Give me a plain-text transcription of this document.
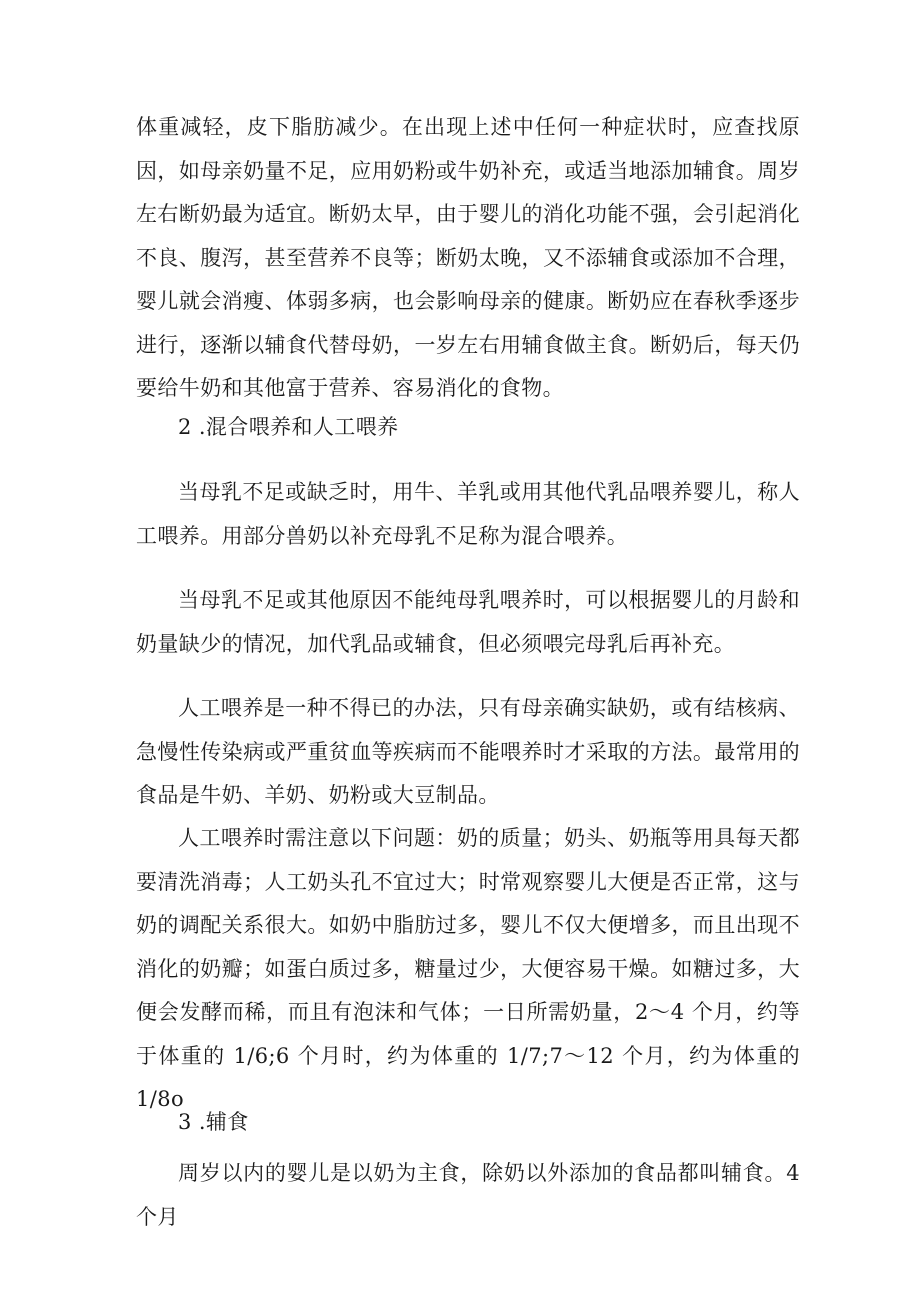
体重减轻，皮下脂肪减少。在出现上述中任何一种症状时，应查找原因，如母亲奶量不足，应用奶粉或牛奶补充，或适当地添加辅食。周岁左右断奶最为适宜。断奶太早，由于婴儿的消化功能不强，会引起消化不良、腹泻，甚至营养不良等；断奶太晚，又不添辅食或添加不合理，婴儿就会消瘦、体弱多病，也会影响母亲的健康。断奶应在春秋季逐步进行，逐渐以辅食代替母奶，一岁左右用辅食做主食。断奶后，每天仍要给牛奶和其他富于营养、容易消化的食物。

2 .混合喂养和人工喂养

当母乳不足或缺乏时，用牛、羊乳或用其他代乳品喂养婴儿，称人工喂养。用部分兽奶以补充母乳不足称为混合喂养。

当母乳不足或其他原因不能纯母乳喂养时，可以根据婴儿的月龄和奶量缺少的情况，加代乳品或辅食，但必须喂完母乳后再补充。

人工喂养是一种不得已的办法，只有母亲确实缺奶，或有结核病、急慢性传染病或严重贫血等疾病而不能喂养时才采取的方法。最常用的食品是牛奶、羊奶、奶粉或大豆制品。

人工喂养时需注意以下问题：奶的质量；奶头、奶瓶等用具每天都要清洗消毒；人工奶头孔不宜过大；时常观察婴儿大便是否正常，这与奶的调配关系很大。如奶中脂肪过多，婴儿不仅大便增多，而且出现不消化的奶瓣；如蛋白质过多，糖量过少，大便容易干燥。如糖过多，大便会发酵而稀，而且有泡沫和气体；一日所需奶量，2～4 个月，约等于体重的 1/6;6 个月时，约为体重的 1/7;7～12 个月，约为体重的 1/8o

3 .辅食

周岁以内的婴儿是以奶为主食，除奶以外添加的食品都叫辅食。4 个月
